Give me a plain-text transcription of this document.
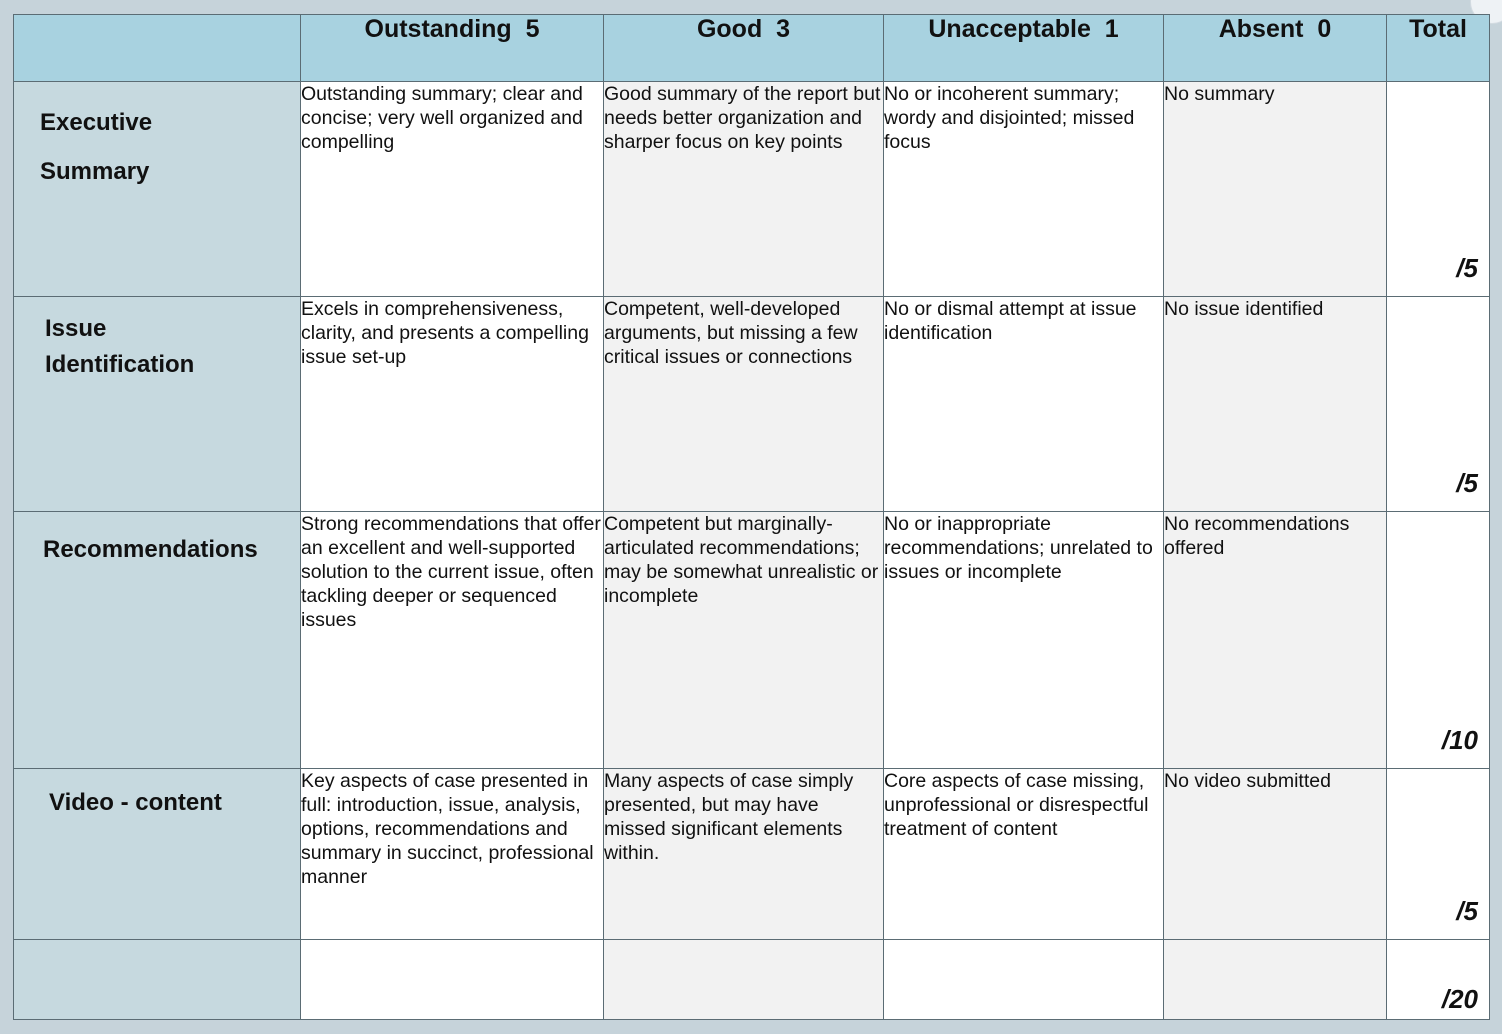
	Outstanding  5	Good  3	Unacceptable  1	Absent  0	Total

Executive
Summary	Outstanding summary; clear and concise; very well organized and compelling	Good summary of the report but needs better organization and sharper focus on key points	No or incoherent summary; wordy and disjointed; missed focus	No summary	/5

Issue
Identification	Excels in comprehensiveness, clarity, and presents a compelling issue set-up	Competent, well-developed arguments, but missing a few critical issues or connections	No or dismal attempt at issue identification	No issue identified	/5

Recommendations	Strong recommendations that offer an excellent and well-supported solution to the current issue, often tackling deeper or sequenced issues	Competent but marginally-articulated recommendations; may be somewhat unrealistic or incomplete	No or inappropriate recommendations; unrelated to issues or incomplete	No recommendations offered	/10

Video - content	Key aspects of case presented in full: introduction, issue, analysis, options, recommendations and summary in succinct, professional manner	Many aspects of case simply presented, but may have missed significant elements within.	Core aspects of case missing, unprofessional or disrespectful treatment of content	No video submitted	/5

					/20
